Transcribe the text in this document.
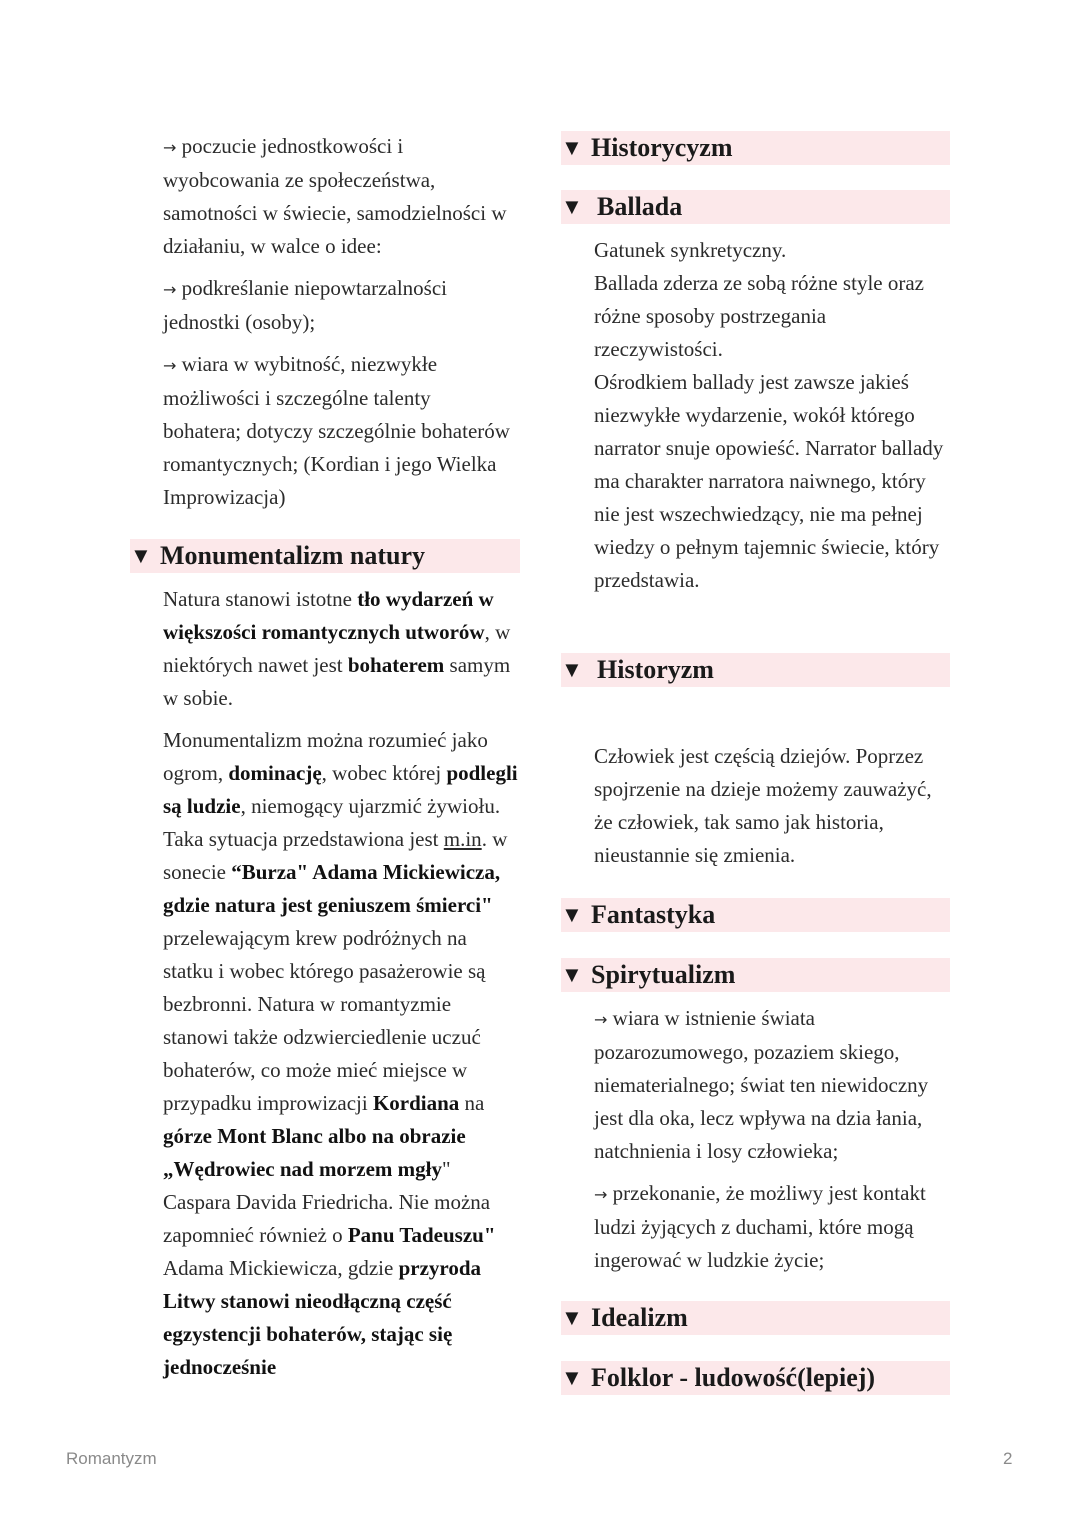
→ poczucie jednostkowości i wyobcowania ze społeczeństwa, samotności w świecie, samodzielności w działaniu, w walce o idee:

→ podkreślanie niepowtarzalności jednostki (osoby);

→ wiara w wybitność, niezwykłe możliwości i szczególne talenty bohatera; dotyczy szczególnie bohaterów romantycznych; (Kordian i jego Wielka Improwizacja)

▼ Monumentalizm natury

Natura stanowi istotne tło wydarzeń w większości romantycznych utworów, w niektórych nawet jest bohaterem samym w sobie.

Monumentalizm można rozumieć jako ogrom, dominację, wobec której podlegli są ludzie, niemogący ujarzmić żywiołu. Taka sytuacja przedstawiona jest m.in. w sonecie “Burza" Adama Mickiewicza, gdzie natura jest geniuszem śmierci" przelewającym krew podróżnych na statku i wobec którego pasażerowie są bezbronni. Natura w romantyzmie stanowi także odzwierciedlenie uczuć bohaterów, co może mieć miejsce w przypadku improwizacji Kordiana na górze Mont Blanc albo na obrazie „Wędrowiec nad morzem mgły" Caspara Davida Friedricha. Nie można zapomnieć również o Panu Tadeuszu" Adama Mickiewicza, gdzie przyroda Litwy stanowi nieodłączną część egzystencji bohaterów, stając się jednocześnie

▼ Historycyzm
▼ Ballada

Gatunek synkretyczny.
Ballada zderza ze sobą różne style oraz różne sposoby postrzegania rzeczywistości.
Ośrodkiem ballady jest zawsze jakieś niezwykłe wydarzenie, wokół którego narrator snuje opowieść. Narrator ballady ma charakter narratora naiwnego, który nie jest wszechwiedzący, nie ma pełnej wiedzy o pełnym tajemnic świecie, który przedstawia.

▼ Historyzm

Człowiek jest częścią dziejów. Poprzez spojrzenie na dzieje możemy zauważyć, że człowiek, tak samo jak historia, nieustannie się zmienia.

▼ Fantastyka
▼ Spirytualizm

→ wiara w istnienie świata pozarozumowego, pozaziem skiego, niematerialnego; świat ten niewidoczny jest dla oka, lecz wpływa na dzia łania, natchnienia i losy człowieka;

→ przekonanie, że możliwy jest kontakt ludzi żyjących z duchami, które mogą ingerować w ludzkie życie;

▼ Idealizm
▼ Folklor - ludowość(lepiej)
Romantyzm	2
